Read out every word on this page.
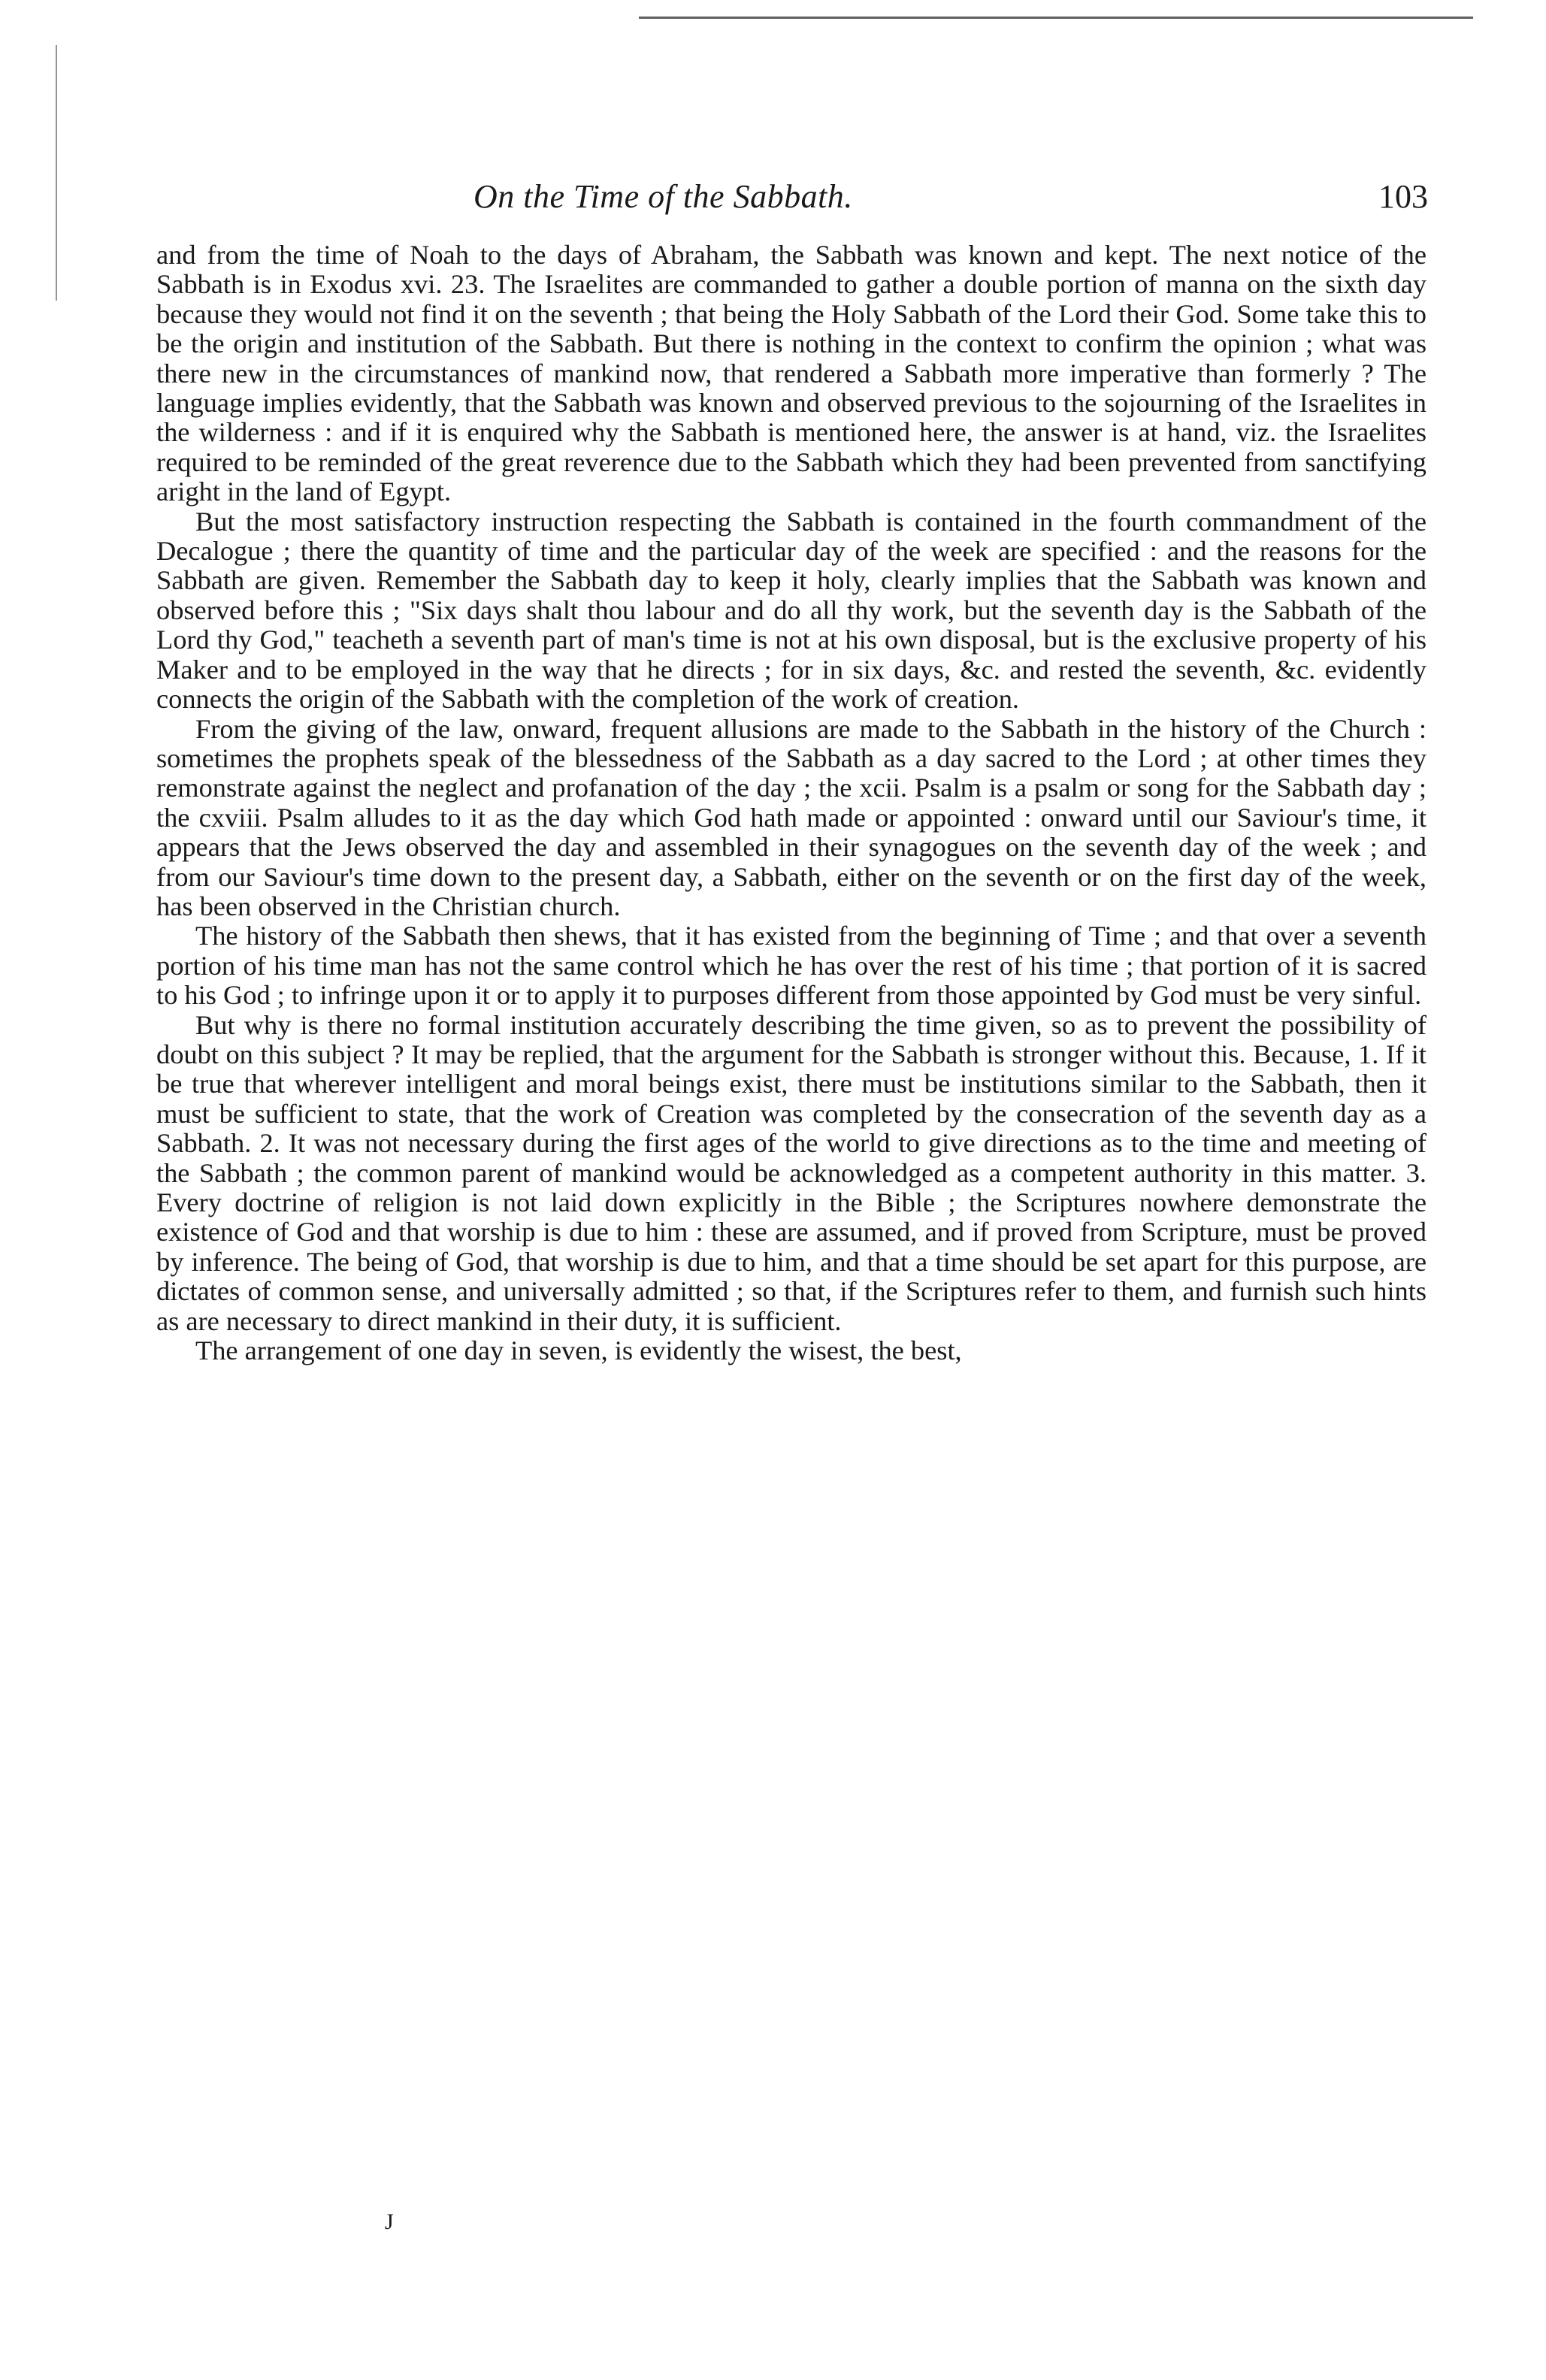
On the Time of the Sabbath.	103

and from the time of Noah to the days of Abraham, the Sabbath was known and kept. The next notice of the Sabbath is in Exodus xvi. 23. The Israelites are commanded to gather a double portion of manna on the sixth day because they would not find it on the seventh ; that being the Holy Sabbath of the Lord their God. Some take this to be the origin and institution of the Sabbath. But there is nothing in the context to confirm the opinion ; what was there new in the circumstances of mankind now, that rendered a Sabbath more imperative than formerly ? The language implies evidently, that the Sabbath was known and observed previous to the sojourning of the Israelites in the wilderness : and if it is enquired why the Sabbath is mentioned here, the answer is at hand, viz. the Israelites required to be reminded of the great reverence due to the Sabbath which they had been prevented from sanctifying aright in the land of Egypt.

But the most satisfactory instruction respecting the Sabbath is contained in the fourth commandment of the Decalogue ; there the quantity of time and the particular day of the week are specified : and the reasons for the Sabbath are given. Remember the Sabbath day to keep it holy, clearly implies that the Sabbath was known and observed before this ; "Six days shalt thou labour and do all thy work, but the seventh day is the Sabbath of the Lord thy God," teacheth a seventh part of man's time is not at his own disposal, but is the exclusive property of his Maker and to be employed in the way that he directs ; for in six days, &c. and rested the seventh, &c. evidently connects the origin of the Sabbath with the completion of the work of creation.

From the giving of the law, onward, frequent allusions are made to the Sabbath in the history of the Church : sometimes the prophets speak of the blessedness of the Sabbath as a day sacred to the Lord ; at other times they remonstrate against the neglect and profanation of the day ; the xcii. Psalm is a psalm or song for the Sabbath day ; the cxviii. Psalm alludes to it as the day which God hath made or appointed : onward until our Saviour's time, it appears that the Jews observed the day and assembled in their synagogues on the seventh day of the week ; and from our Saviour's time down to the present day, a Sabbath, either on the seventh or on the first day of the week, has been observed in the Christian church.

The history of the Sabbath then shews, that it has existed from the beginning of Time ; and that over a seventh portion of his time man has not the same control which he has over the rest of his time ; that portion of it is sacred to his God ; to infringe upon it or to apply it to purposes different from those appointed by God must be very sinful.

But why is there no formal institution accurately describing the time given, so as to prevent the possibility of doubt on this subject ? It may be replied, that the argument for the Sabbath is stronger without this. Because, 1. If it be true that wherever intelligent and moral beings exist, there must be institutions similar to the Sabbath, then it must be sufficient to state, that the work of Creation was completed by the consecration of the seventh day as a Sabbath. 2. It was not necessary during the first ages of the world to give directions as to the time and meeting of the Sabbath ; the common parent of mankind would be acknowledged as a competent authority in this matter. 3. Every doctrine of religion is not laid down explicitly in the Bible ; the Scriptures nowhere demonstrate the existence of God and that worship is due to him : these are assumed, and if proved from Scripture, must be proved by inference. The being of God, that worship is due to him, and that a time should be set apart for this purpose, are dictates of common sense, and universally admitted ; so that, if the Scriptures refer to them, and furnish such hints as are necessary to direct mankind in their duty, it is sufficient.

The arrangement of one day in seven, is evidently the wisest, the best,

J
